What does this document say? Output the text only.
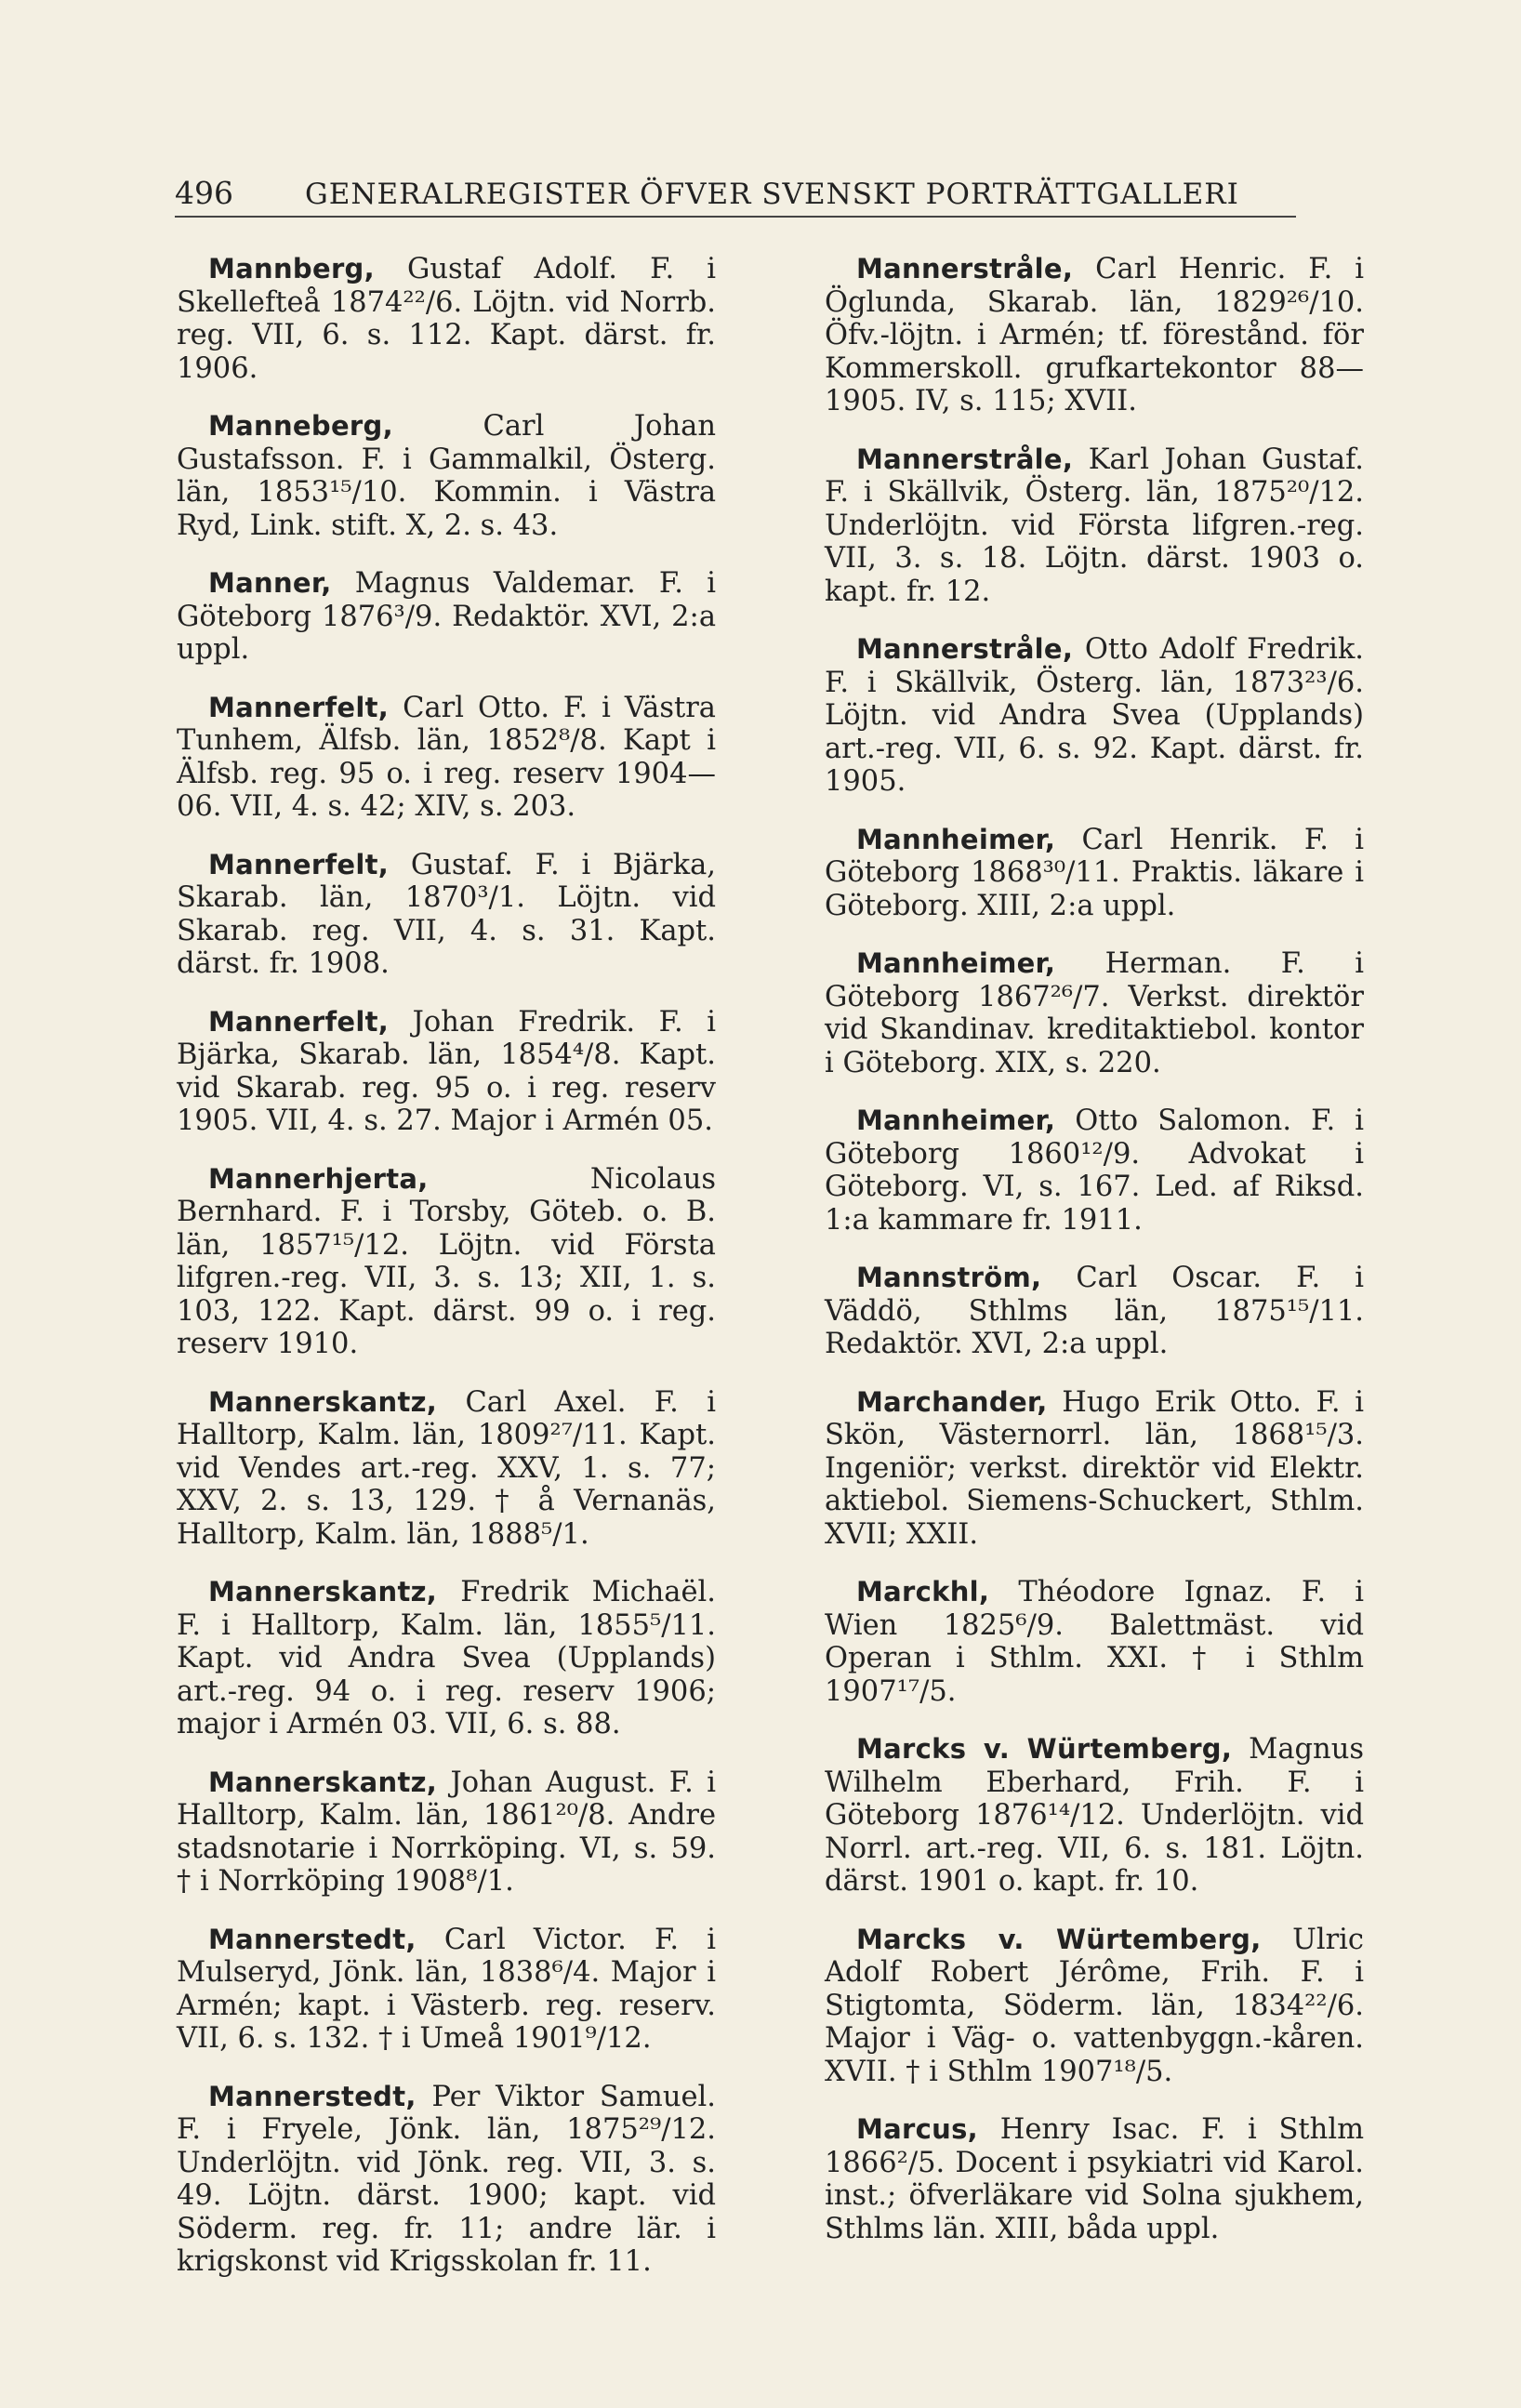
496	GENERALREGISTER ÖFVER SVENSKT PORTRÄTTGALLERI

Mannberg, Gustaf Adolf. F. i Skellefteå 1874²²/6. Löjtn. vid Norrb. reg. VII, 6. s. 112. Kapt. därst. fr. 1906.

Manneberg, Carl Johan Gustafsson. F. i Gammalkil, Österg. län, 1853¹⁵/10. Kommin. i Västra Ryd, Link. stift. X, 2. s. 43.

Manner, Magnus Valdemar. F. i Göteborg 1876³/9. Redaktör. XVI, 2:a uppl.

Mannerfelt, Carl Otto. F. i Västra Tunhem, Älfsb. län, 1852⁸/8. Kapt i Älfsb. reg. 95 o. i reg. reserv 1904—06. VII, 4. s. 42; XIV, s. 203.

Mannerfelt, Gustaf. F. i Bjärka, Skarab. län, 1870³/1. Löjtn. vid Skarab. reg. VII, 4. s. 31. Kapt. därst. fr. 1908.

Mannerfelt, Johan Fredrik. F. i Bjärka, Skarab. län, 1854⁴/8. Kapt. vid Skarab. reg. 95 o. i reg. reserv 1905. VII, 4. s. 27. Major i Armén 05.

Mannerhjerta, Nicolaus Bernhard. F. i Torsby, Göteb. o. B. län, 1857¹⁵/12. Löjtn. vid Första lifgren.-reg. VII, 3. s. 13; XII, 1. s. 103, 122. Kapt. därst. 99 o. i reg. reserv 1910.

Mannerskantz, Carl Axel. F. i Halltorp, Kalm. län, 1809²⁷/11. Kapt. vid Vendes art.-reg. XXV, 1. s. 77; XXV, 2. s. 13, 129. † å Vernanäs, Halltorp, Kalm. län, 1888⁵/1.

Mannerskantz, Fredrik Michaël. F. i Halltorp, Kalm. län, 1855⁵/11. Kapt. vid Andra Svea (Upplands) art.-reg. 94 o. i reg. reserv 1906; major i Armén 03. VII, 6. s. 88.

Mannerskantz, Johan August. F. i Halltorp, Kalm. län, 1861²⁰/8. Andre stadsnotarie i Norrköping. VI, s. 59. † i Norrköping 1908⁸/1.

Mannerstedt, Carl Victor. F. i Mulseryd, Jönk. län, 1838⁶/4. Major i Armén; kapt. i Västerb. reg. reserv. VII, 6. s. 132. † i Umeå 1901⁹/12.

Mannerstedt, Per Viktor Samuel. F. i Fryele, Jönk. län, 1875²⁹/12. Underlöjtn. vid Jönk. reg. VII, 3. s. 49. Löjtn. därst. 1900; kapt. vid Söderm. reg. fr. 11; andre lär. i krigskonst vid Krigsskolan fr. 11.

Mannerstråle, Carl Henric. F. i Öglunda, Skarab. län, 1829²⁶/10. Öfv.-löjtn. i Armén; tf. förestånd. för Kommerskoll. grufkartekontor 88—1905. IV, s. 115; XVII.

Mannerstråle, Karl Johan Gustaf. F. i Skällvik, Österg. län, 1875²⁰/12. Underlöjtn. vid Första lifgren.-reg. VII, 3. s. 18. Löjtn. därst. 1903 o. kapt. fr. 12.

Mannerstråle, Otto Adolf Fredrik. F. i Skällvik, Österg. län, 1873²³/6. Löjtn. vid Andra Svea (Upplands) art.-reg. VII, 6. s. 92. Kapt. därst. fr. 1905.

Mannheimer, Carl Henrik. F. i Göteborg 1868³⁰/11. Praktis. läkare i Göteborg. XIII, 2:a uppl.

Mannheimer, Herman. F. i Göteborg 1867²⁶/7. Verkst. direktör vid Skandinav. kreditaktiebol. kontor i Göteborg. XIX, s. 220.

Mannheimer, Otto Salomon. F. i Göteborg 1860¹²/9. Advokat i Göteborg. VI, s. 167. Led. af Riksd. 1:a kammare fr. 1911.

Mannström, Carl Oscar. F. i Väddö, Sthlms län, 1875¹⁵/11. Redaktör. XVI, 2:a uppl.

Marchander, Hugo Erik Otto. F. i Skön, Västernorrl. län, 1868¹⁵/3. Ingeniör; verkst. direktör vid Elektr. aktiebol. Siemens-Schuckert, Sthlm. XVII; XXII.

Marckhl, Théodore Ignaz. F. i Wien 1825⁶/9. Balettmäst. vid Operan i Sthlm. XXI. † i Sthlm 1907¹⁷/5.

Marcks v. Würtemberg, Magnus Wilhelm Eberhard, Frih. F. i Göteborg 1876¹⁴/12. Underlöjtn. vid Norrl. art.-reg. VII, 6. s. 181. Löjtn. därst. 1901 o. kapt. fr. 10.

Marcks v. Würtemberg, Ulric Adolf Robert Jérôme, Frih. F. i Stigtomta, Söderm. län, 1834²²/6. Major i Väg- o. vattenbyggn.-kåren. XVII. † i Sthlm 1907¹⁸/5.

Marcus, Henry Isac. F. i Sthlm 1866²/5. Docent i psykiatri vid Karol. inst.; öfverläkare vid Solna sjukhem, Sthlms län. XIII, båda uppl.
